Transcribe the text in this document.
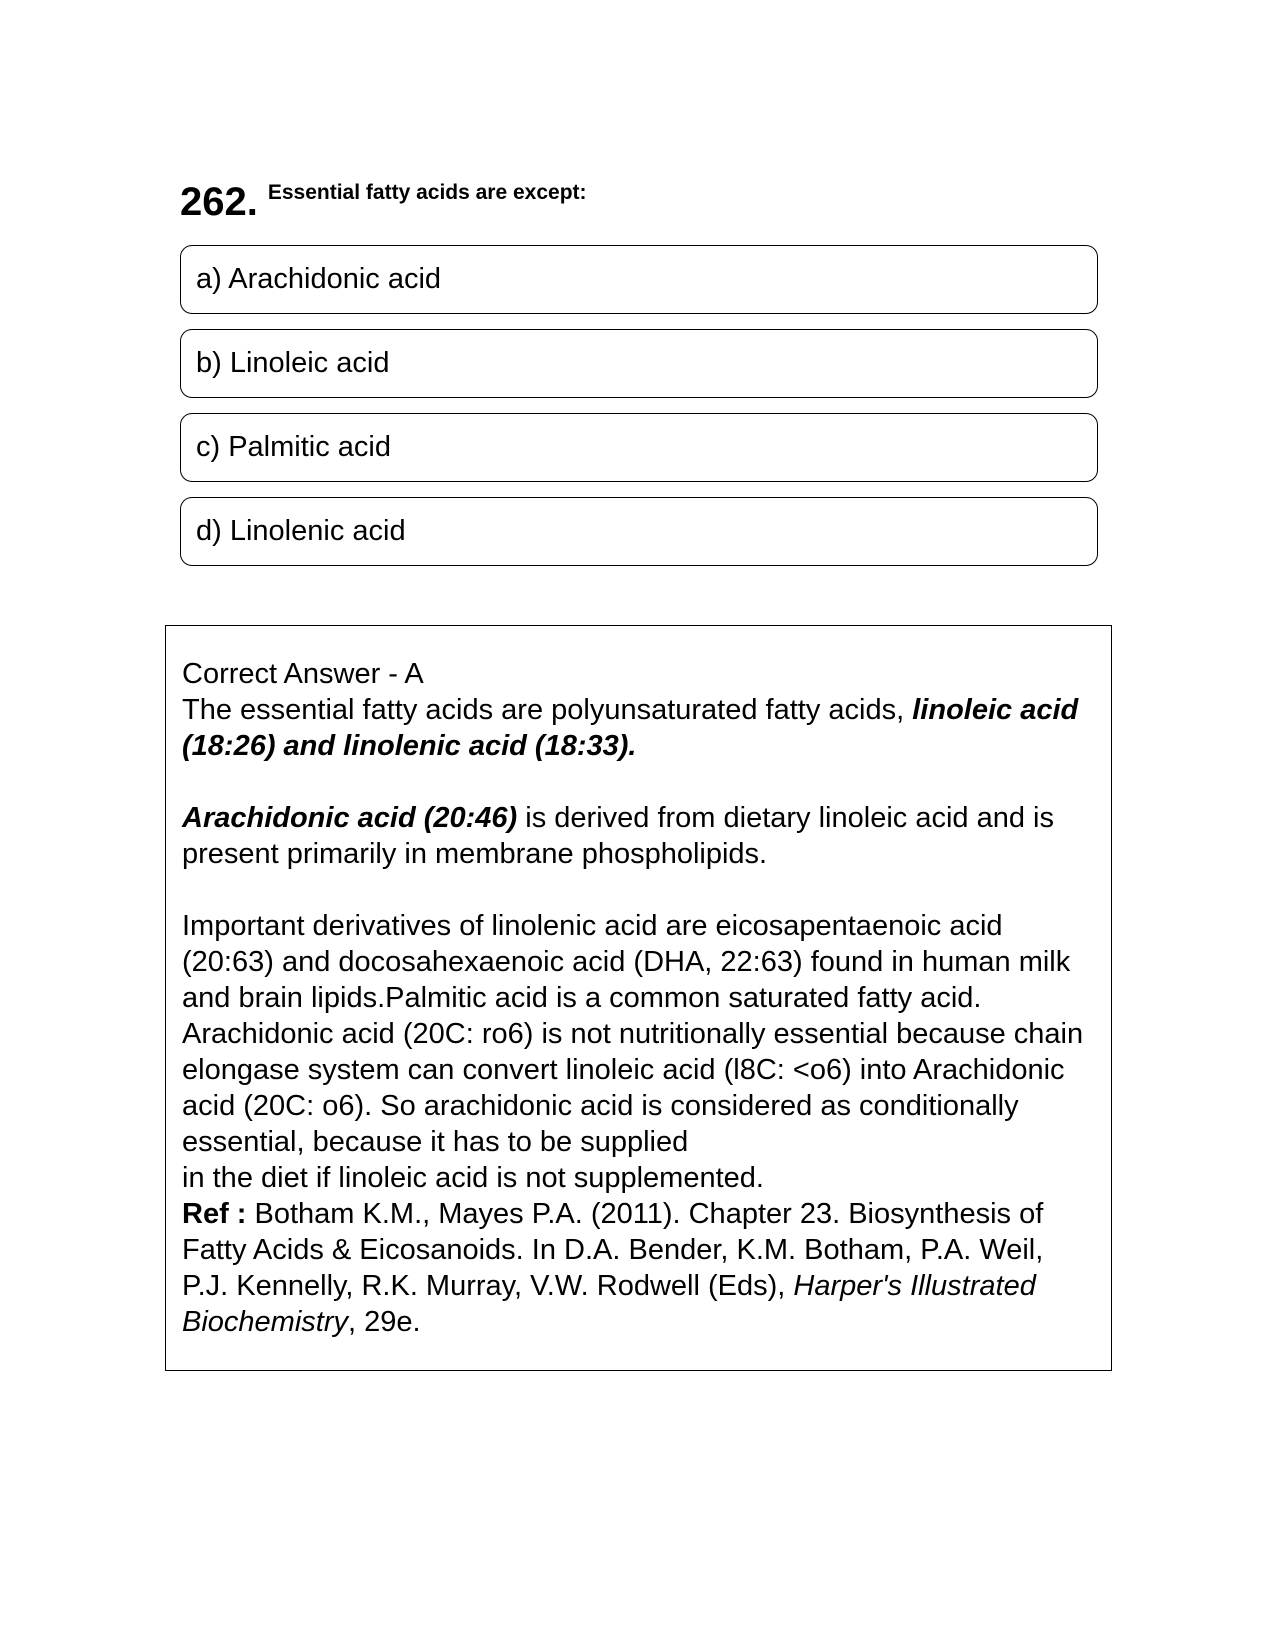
262. Essential fatty acids are except:
a) Arachidonic acid
b) Linoleic acid
c) Palmitic acid
d) Linolenic acid

Correct Answer - A

The essential fatty acids are polyunsaturated fatty acids, linoleic acid (18:26) and linolenic acid (18:33).

Arachidonic acid (20:46) is derived from dietary linoleic acid and is present primarily in membrane phospholipids.

Important derivatives of linolenic acid are eicosapentaenoic acid (20:63) and docosahexaenoic acid (DHA, 22:63) found in human milk and brain lipids.Palmitic acid is a common saturated fatty acid. Arachidonic acid (20C: ro6) is not nutritionally essential because chain elongase system can convert linoleic acid (l8C: <o6) into Arachidonic acid (20C: o6). So arachidonic acid is considered as conditionally essential, because it has to be supplied

in the diet if linoleic acid is not supplemented.

Ref : Botham K.M., Mayes P.A. (2011). Chapter 23. Biosynthesis of Fatty Acids & Eicosanoids. In D.A. Bender, K.M. Botham, P.A. Weil, P.J. Kennelly, R.K. Murray, V.W. Rodwell (Eds), Harper's Illustrated Biochemistry, 29e.
